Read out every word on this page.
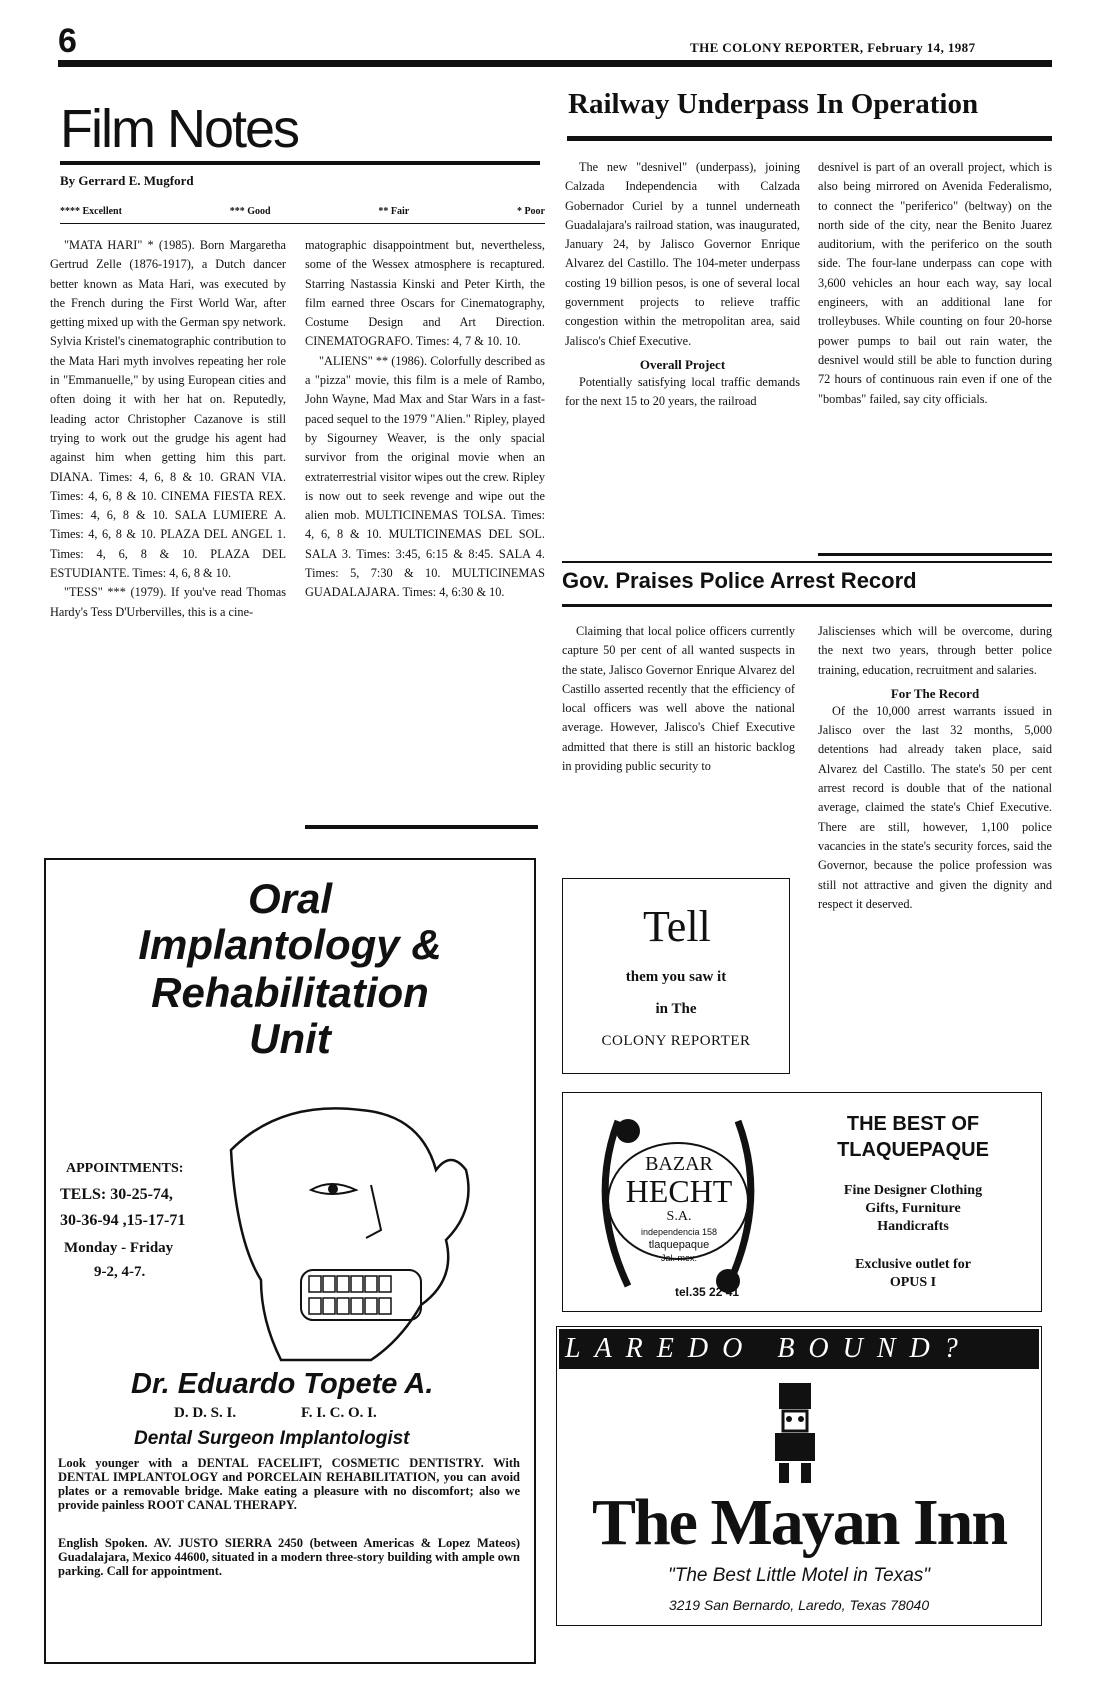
6	THE COLONY REPORTER, February 14, 1987
Film Notes
By Gerrard E. Mugford
**** Excellent	*** Good	** Fair	* Poor

"MATA HARI" * (1985). Born Margaretha Gertrud Zelle (1876-1917), a Dutch dancer better known as Mata Hari, was executed by the French during the First World War, after getting mixed up with the German spy network. Sylvia Kristel's cinematographic contribution to the Mata Hari myth involves repeating her role in "Emmanuelle," by using European cities and often doing it with her hat on. Reputedly, leading actor Christopher Cazanove is still trying to work out the grudge his agent had against him when getting him this part. DIANA. Times: 4, 6, 8 & 10. GRAN VIA. Times: 4, 6, 8 & 10. CINEMA FIESTA REX. Times: 4, 6, 8 & 10. SALA LUMIERE A. Times: 4, 6, 8 & 10. PLAZA DEL ANGEL 1. Times: 4, 6, 8 & 10. PLAZA DEL ESTUDIANTE. Times: 4, 6, 8 & 10.

"TESS" *** (1979). If you've read Thomas Hardy's Tess D'Urbervilles, this is a cine-

matographic disappointment but, nevertheless, some of the Wessex atmosphere is recaptured. Starring Nastassia Kinski and Peter Kirth, the film earned three Oscars for Cinematography, Costume Design and Art Direction. CINEMATOGRAFO. Times: 4, 7 & 10. 10.

"ALIENS" ** (1986). Colorfully described as a "pizza" movie, this film is a mele of Rambo, John Wayne, Mad Max and Star Wars in a fast-paced sequel to the 1979 "Alien." Ripley, played by Sigourney Weaver, is the only spacial survivor from the original movie when an extraterrestrial visitor wipes out the crew. Ripley is now out to seek revenge and wipe out the alien mob. MULTICINEMAS TOLSA. Times: 4, 6, 8 & 10. MULTICINEMAS DEL SOL. SALA 3. Times: 3:45, 6:15 & 8:45. SALA 4. Times: 5, 7:30 & 10. MULTICINEMAS GUADALAJARA. Times: 4, 6:30 & 10.

Railway Underpass In Operation

The new "desnivel" (underpass), joining Calzada Independencia with Calzada Gobernador Curiel by a tunnel underneath Guadalajara's railroad station, was inaugurated, January 24, by Jalisco Governor Enrique Alvarez del Castillo. The 104-meter underpass costing 19 billion pesos, is one of several local government projects to relieve traffic congestion within the metropolitan area, said Jalisco's Chief Executive.

Overall Project

Potentially satisfying local traffic demands for the next 15 to 20 years, the railroad

desnivel is part of an overall project, which is also being mirrored on Avenida Federalismo, to connect the "periferico" (beltway) on the north side of the city, near the Benito Juarez auditorium, with the periferico on the south side. The four-lane underpass can cope with 3,600 vehicles an hour each way, say local engineers, with an additional lane for trolleybuses. While counting on four 20-horse power pumps to bail out rain water, the desnivel would still be able to function during 72 hours of continuous rain even if one of the "bombas" failed, say city officials.

Gov. Praises Police Arrest Record

Claiming that local police officers currently capture 50 per cent of all wanted suspects in the state, Jalisco Governor Enrique Alvarez del Castillo asserted recently that the efficiency of local officers was well above the national average. However, Jalisco's Chief Executive admitted that there is still an historic backlog in providing public security to

Jaliscienses which will be overcome, during the next two years, through better police training, education, recruitment and salaries.

For The Record

Of the 10,000 arrest warrants issued in Jalisco over the last 32 months, 5,000 detentions had already taken place, said Alvarez del Castillo. The state's 50 per cent arrest record is double that of the national average, claimed the state's Chief Executive. There are still, however, 1,100 police vacancies in the state's security forces, said the Governor, because the police profession was still not attractive and given the dignity and respect it deserved.

Oral
Implantology &
Rehabilitation
Unit
APPOINTMENTS:
TELS: 30-25-74,
30-36-94 ,15-17-71
Monday - Friday
9-2, 4-7.
Dr. Eduardo Topete A.
D. D. S. I.	F. I. C. O. I.
Dental Surgeon Implantologist
Look younger with a DENTAL FACELIFT, COSMETIC DENTISTRY. With DENTAL IMPLANTOLOGY and PORCELAIN REHABILITATION, you can avoid plates or a removable bridge. Make eating a pleasure with no discomfort; also we provide painless ROOT CANAL THERAPY.
English Spoken. AV. JUSTO SIERRA 2450 (between Americas & Lopez Mateos) Guadalajara, Mexico 44600, situated in a modern three-story building with ample own parking. Call for appointment.
Tell
them you saw it
in The
COLONY REPORTER
BAZAR
HECHT
S.A.
independencia 158
tlaquepaque
Jal. mex.
tel.35 22 41
THE BEST OF
TLAQUEPAQUE
Fine Designer Clothing
Gifts, Furniture
Handicrafts
Exclusive outlet for
OPUS I
LAREDO BOUND?
The Mayan Inn
"The Best Little Motel in Texas"
3219 San Bernardo, Laredo, Texas 78040
